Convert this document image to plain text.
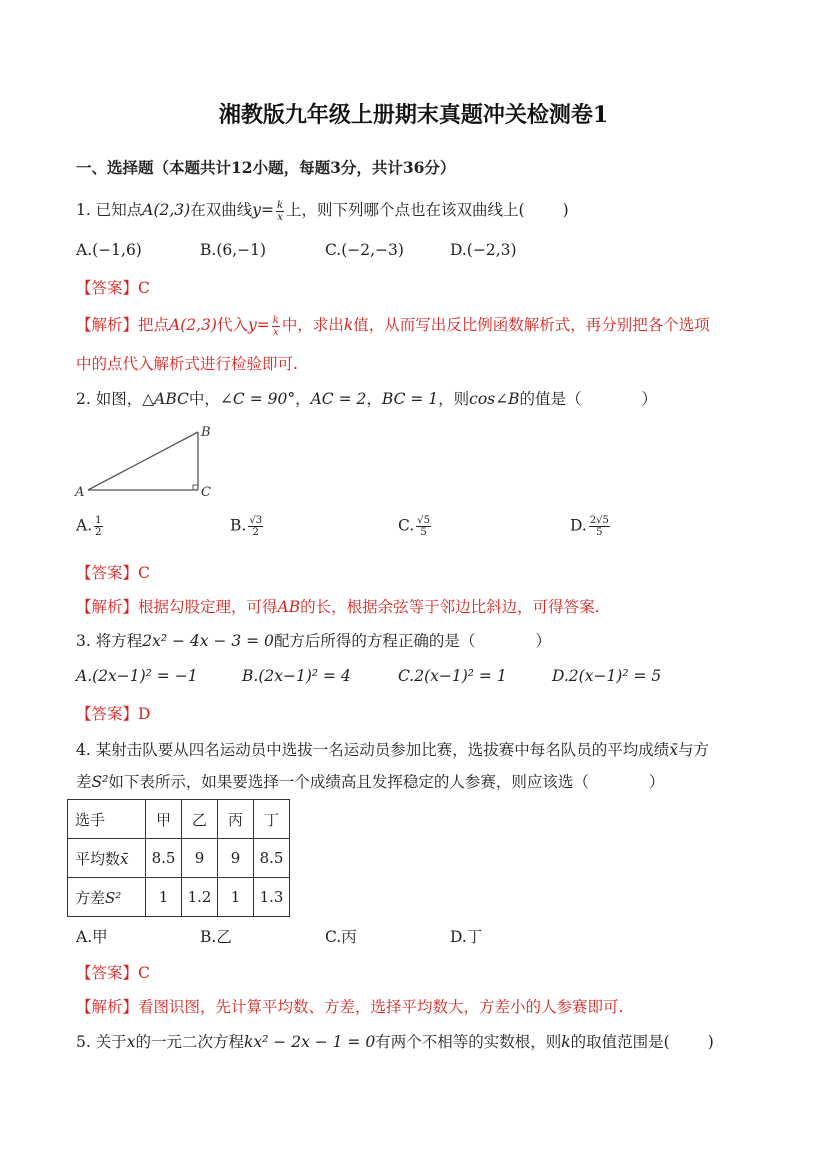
湘教版九年级上册期末真题冲关检测卷1
一、选择题（本题共计12小题，每题3分，共计36分）
1. 已知点A(2,3)在双曲线$y= \frac{k}{x}$ 上，则下列哪个点也在该双曲线上( )
A.(−1,6)	B.(6,−1)	C.(−2,−3)	D.(−2,3)
【答案】C
【解析】把点A(2,3)代入$y= \frac{k}{x}$ 中，求出k值，从而写出反比例函数解析式，再分别把各个选项
中的点代入解析式进行检验即可.
2. 如图，△ABC中，∠C = 90°，AC = 2，BC = 1，则cos∠B的值是（	）
A
B
C
A. $\frac{1}{2}$	B. $\frac{√3}{2}$	C. $\frac{√5}{5}$	D. $\frac{2√5}{5}$
【答案】C
【解析】根据勾股定理，可得AB的长，根据余弦等于邻边比斜边，可得答案.
3. 将方程2x² − 4x − 3 = 0配方后所得的方程正确的是（	）
A.(2x−1)² = −1	B.(2x−1)² = 4	C.2(x−1)² = 1	D.2(x−1)² = 5
【答案】D
4. 某射击队要从四名运动员中选拔一名运动员参加比赛，选拔赛中每名队员的平均成绩x̄与方
差S²如下表所示，如果要选择一个成绩高且发挥稳定的人参赛，则应该选（	）
选手	甲	乙	丙	丁
平均数x̄	8.5	9	9	8.5
方差S²	1	1.2	1	1.3
A.甲	B.乙	C.丙	D.丁
【答案】C
【解析】看图识图，先计算平均数、方差，选择平均数大，方差小的人参赛即可.
5. 关于x的一元二次方程kx² − 2x − 1 = 0有两个不相等的实数根，则k的取值范围是( )
